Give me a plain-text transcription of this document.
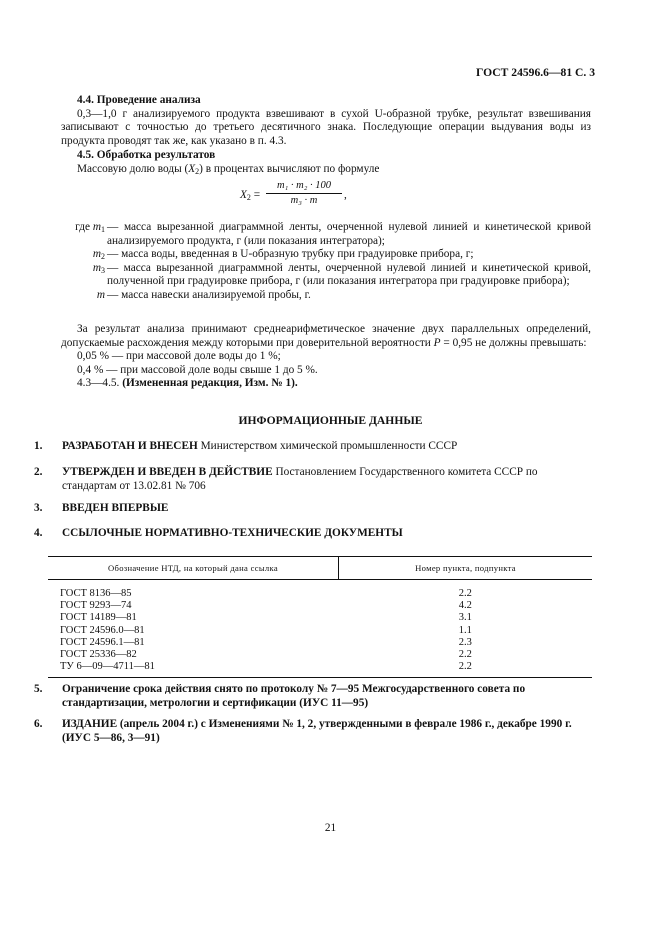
ГОСТ 24596.6—81 С. 3

4.4. Проведение анализа

0,3—1,0 г анализируемого продукта взвешивают в сухой U-образной трубке, результат взвешивания записывают с точностью до третьего десятичного знака. Последующие операции выдувания воды из продукта проводят так же, как указано в п. 4.3.

4.5. Обработка результатов

Массовую долю воды $(X_2)$ в процентах вычисляют по формуле

$X_2 = \frac{\text{m₁ · m₂ · 100}}{\text{m₃ · m}}$ ,
где $m_1$ — масса вырезанной диаграммной ленты, очерченной нулевой линией и кинетической кривой анализируемого продукта, г (или показания интегратора);
$m_2$ — масса воды, введенная в U-образную трубку при градуировке прибора, г;
$m_3$ — масса вырезанной диаграммной ленты, очерченной нулевой линией и кинетической кривой, полученной при градуировке прибора, г (или показания интегратора при градуировке прибора);
m — масса навески анализируемой пробы, г.

За результат анализа принимают среднеарифметическое значение двух параллельных определений, допускаемые расхождения между которыми при доверительной вероятности P = 0,95 не должны превышать:

0,05 % — при массовой доле воды до 1 %;

0,4 % — при массовой доле воды свыше 1 до 5 %.

4.3—4.5. (Измененная редакция, Изм. № 1).

ИНФОРМАЦИОННЫЕ ДАННЫЕ

1. РАЗРАБОТАН И ВНЕСЕН Министерством химической промышленности СССР

2. УТВЕРЖДЕН И ВВЕДЕН В ДЕЙСТВИЕ Постановлением Государственного комитета СССР по стандартам от 13.02.81 № 706

3. ВВЕДЕН ВПЕРВЫЕ

4. ССЫЛОЧНЫЕ НОРМАТИВНО-ТЕХНИЧЕСКИЕ ДОКУМЕНТЫ

Обозначение НТД, на который дана ссылка	Номер пункта, подпункта
ГОСТ 8136—85	2.2
ГОСТ 9293—74	4.2
ГОСТ 14189—81	3.1
ГОСТ 24596.0—81	1.1
ГОСТ 24596.1—81	2.3
ГОСТ 25336—82	2.2
ТУ 6—09—4711—81	2.2

5. Ограничение срока действия снято по протоколу № 7—95 Межгосударственного совета по стандартизации, метрологии и сертификации (ИУС 11—95)

6. ИЗДАНИЕ (апрель 2004 г.) с Изменениями № 1, 2, утвержденными в феврале 1986 г., декабре 1990 г. (ИУС 5—86, 3—91)

21
